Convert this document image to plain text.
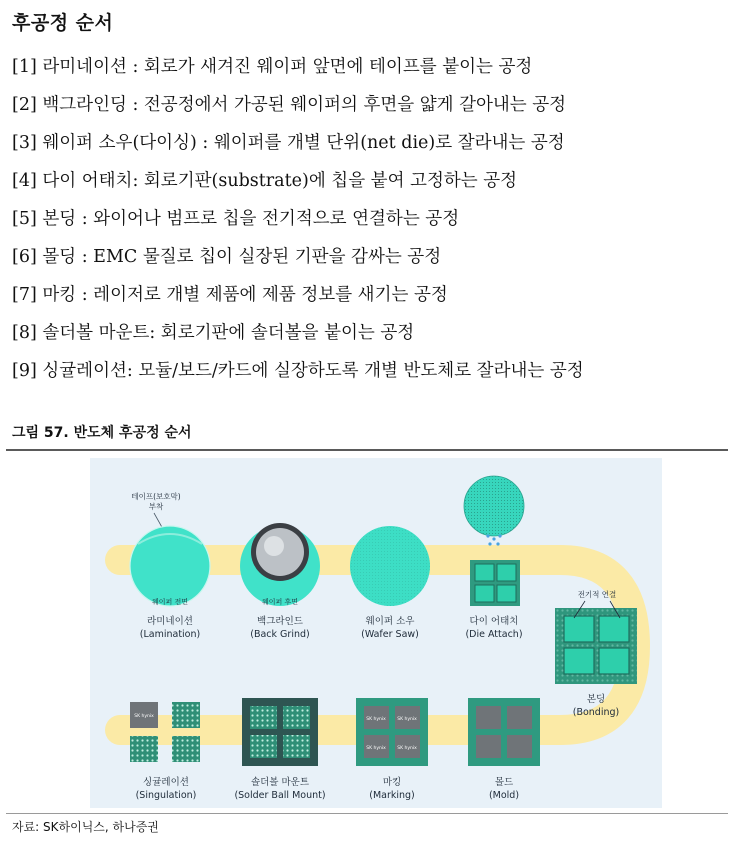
후공정 순서
[1] 라미네이션 : 회로가 새겨진 웨이퍼 앞면에 테이프를 붙이는 공정
[2] 백그라인딩 : 전공정에서 가공된 웨이퍼의 후면을 얇게 갈아내는 공정
[3] 웨이퍼 소우(다이싱) : 웨이퍼를 개별 단위(net die)로 잘라내는 공정
[4] 다이 어태치: 회로기판(substrate)에 칩을 붙여 고정하는 공정
[5] 본딩 : 와이어나 범프로 칩을 전기적으로 연결하는 공정
[6] 몰딩 : EMC 물질로 칩이 실장된 기판을 감싸는 공정
[7] 마킹 : 레이저로 개별 제품에 제품 정보를 새기는 공정
[8] 솔더볼 마운트: 회로기판에 솔더볼을 붙이는 공정
[9] 싱귤레이션: 모듈/보드/카드에 실장하도록 개별 반도체로 잘라내는 공정
그림 57. 반도체 후공정 순서
테이프(보호막)
부착
웨이퍼 전면
라미네이션
(Lamination)
웨이퍼 후면
백그라인드
(Back Grind)
웨이퍼 소우
(Wafer Saw)
다이 어태치
(Die Attach)
전기적 연결
본딩
(Bonding)
몰드
(Mold)
SK hynix	SK hynix
SK hynix	SK hynix
마킹
(Marking)
솔더볼 마운트
(Solder Ball Mount)
SK hynix
싱귤레이션
(Singulation)
자료: SK하이닉스, 하나증권
